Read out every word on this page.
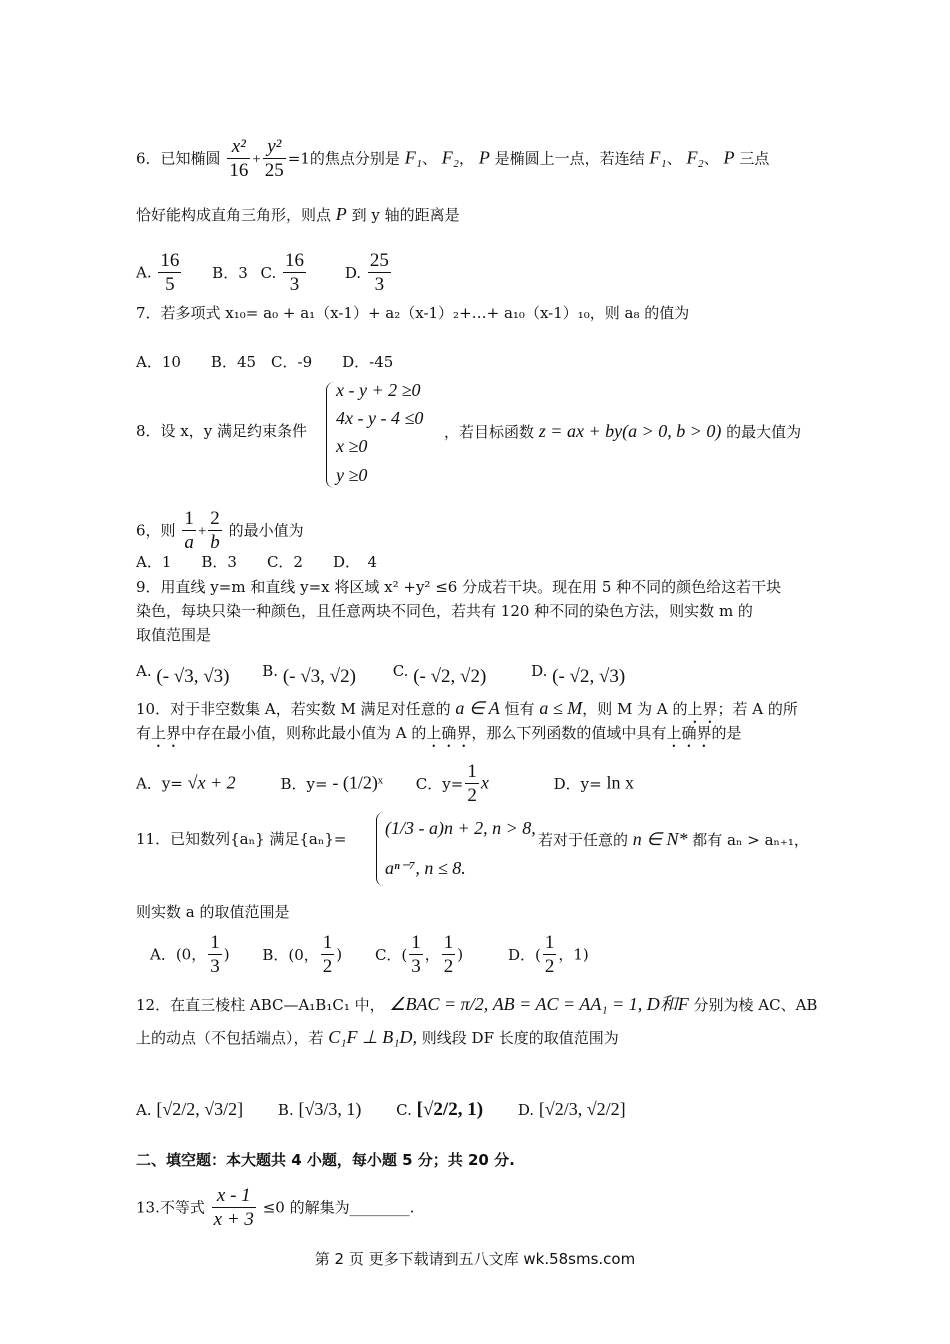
6．已知椭圆 $\frac{\text{x²}}{16} + \frac{\text{y²}}{25} =1$的焦点分别是 F₁、 F₂， P 是椭圆上一点，若连结 F₁、 F₂、 P 三点
恰好能构成直角三角形，则点 P 到 y 轴的距离是
A. $\frac{16}{5}$ B．3 C. $\frac{16}{3}$	D. $\frac{25}{3}$
7．若多项式 x₁₀= a₀ + a₁（x-1）+ a₂（x-1）₂+…+ a₁₀（x-1）₁₀，则 a₈ 的值为
A．10　　B．45　C．-9　　D．-45
8．设 x，y 满足约束条件
x - y + 2 ≥0
4x - y - 4 ≤0
x ≥0
y ≥0
，若目标函数 z = ax + by(a > 0, b > 0) 的最大值为
6，则 $\frac{1}{a} + \frac{2}{b}$ 的最小值为
A．1　　B．3　　C．2　　D．　4
9．用直线 y=m 和直线 y=x 将区域 x² +y² ≤6 分成若干块。现在用 5 种不同的颜色给这若干块
染色，每块只染一种颜色，且任意两块不同色，若共有 120 种不同的染色方法，则实数 m 的
取值范围是
A. (- √3, √3) B. (- √3, √2) C. (- √2, √2)	D. (- √2, √3)
10．对于非空数集 A，若实数 M 满足对任意的 a ∈ A 恒有 a ≤ M，则 M 为 A 的上界；若 A 的所
有上界中存在最小值，则称此最小值为 A 的上确界，那么下列函数的值域中具有上确界的是
A．y= √x + 2	B．y= - (1/2)ˣ C．$y= \frac{1}{2}$ x	D．y= ln x
11．已知数列{aₙ} 满足{aₙ}=
(1/3 - a)n + 2, n > 8,
aⁿ⁻⁷, n ≤ 8.
若对于任意的 n ∈ N* 都有 aₙ > aₙ₊₁，
则实数 a 的取值范围是
A．(0， $\frac{1}{3}$ ) B．(0， $\frac{1}{2}$ ) C．( $\frac{1}{3}$ ， $\frac{1}{2}$ )	D．( $\frac{1}{2}$ ，1)
12．在直三棱柱 ABC—A₁B₁C₁ 中， ∠BAC = π/2, AB = AC = AA₁ = 1, D和F 分别为棱 AC、AB
上的动点（不包括端点），若 C₁F ⊥ B₁D, 则线段 DF 长度的取值范围为
A. [√2/2, √3/2] B. [√3/3, 1) C. [√2/2, 1) D. [√2/3, √2/2]
二、填空题：本大题共 4 小题，每小题 5 分；共 20 分.
13.不等式 $\frac{x - 1}{x + 3} \le 0$ 的解集为________.
第 2 页 更多下载请到五八文库 wk.58sms.com
